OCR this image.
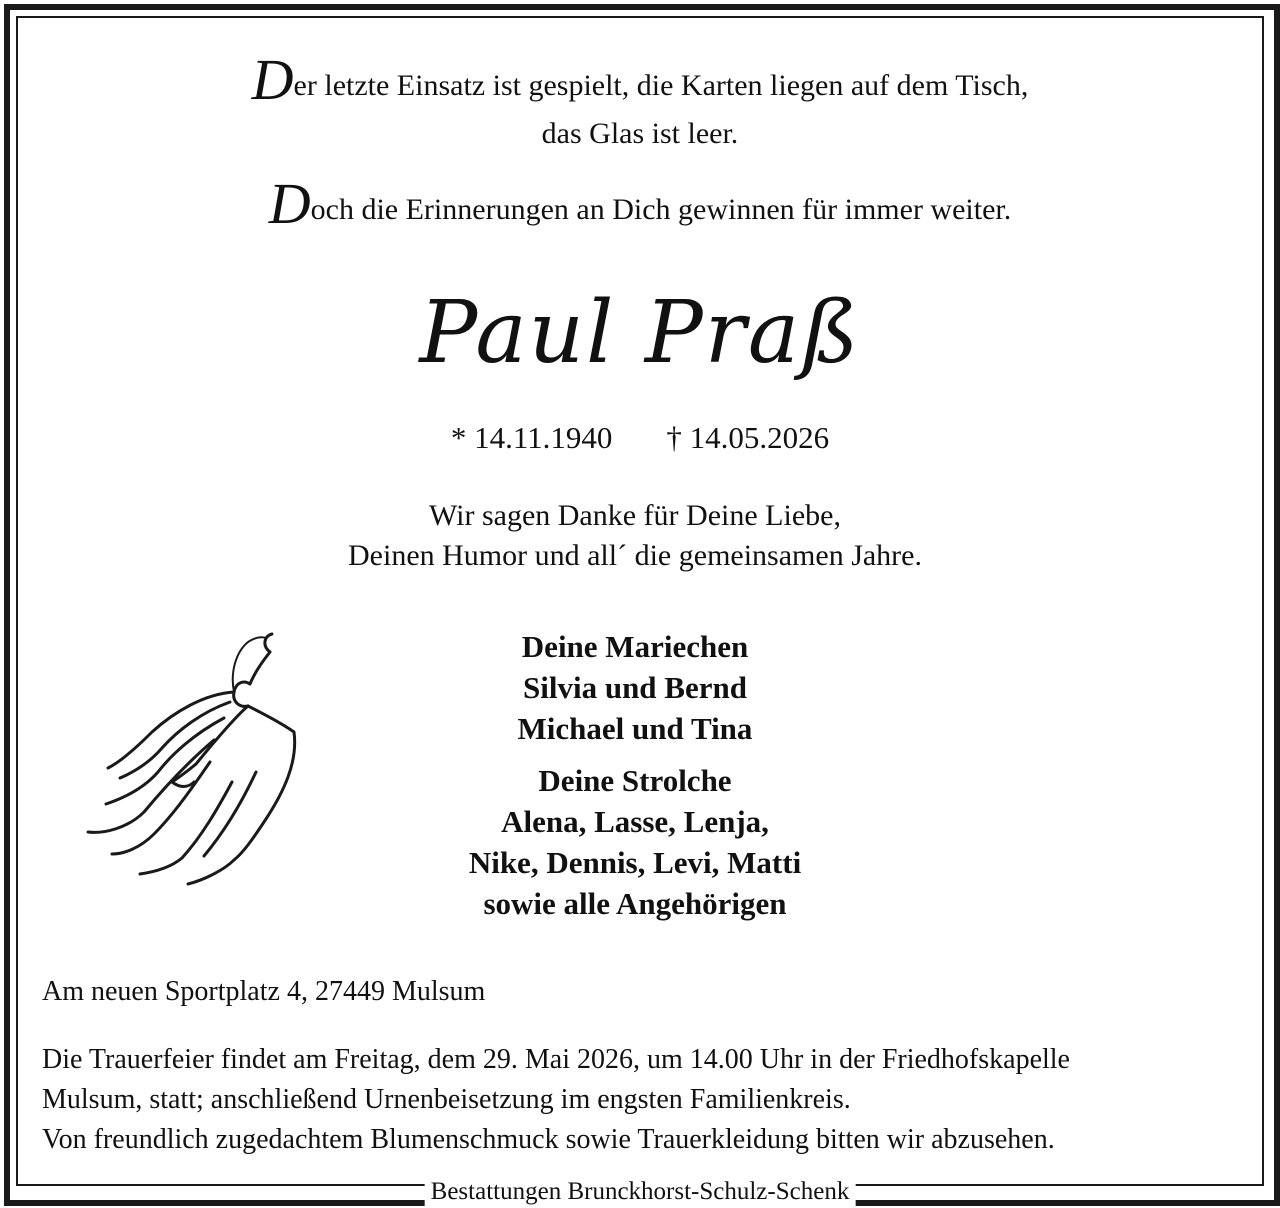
Der letzte Einsatz ist gespielt, die Karten liegen auf dem Tisch,
das Glas ist leer.
Doch die Erinnerungen an Dich gewinnen für immer weiter.
Paul Praß
* 14.11.1940 † 14.05.2026
Wir sagen Danke für Deine Liebe,
Deinen Humor und all´ die gemeinsamen Jahre.
Deine Mariechen
Silvia und Bernd
Michael und Tina
Deine Strolche
Alena, Lasse, Lenja,
Nike, Dennis, Levi, Matti
sowie alle Angehörigen
Am neuen Sportplatz 4, 27449 Mulsum
Die Trauerfeier findet am Freitag, dem 29. Mai 2026, um 14.00 Uhr in der Friedhofskapelle
Mulsum, statt; anschließend Urnenbeisetzung im engsten Familienkreis.
Von freundlich zugedachtem Blumenschmuck sowie Trauerkleidung bitten wir abzusehen.
Bestattungen Brunckhorst-Schulz-Schenk
